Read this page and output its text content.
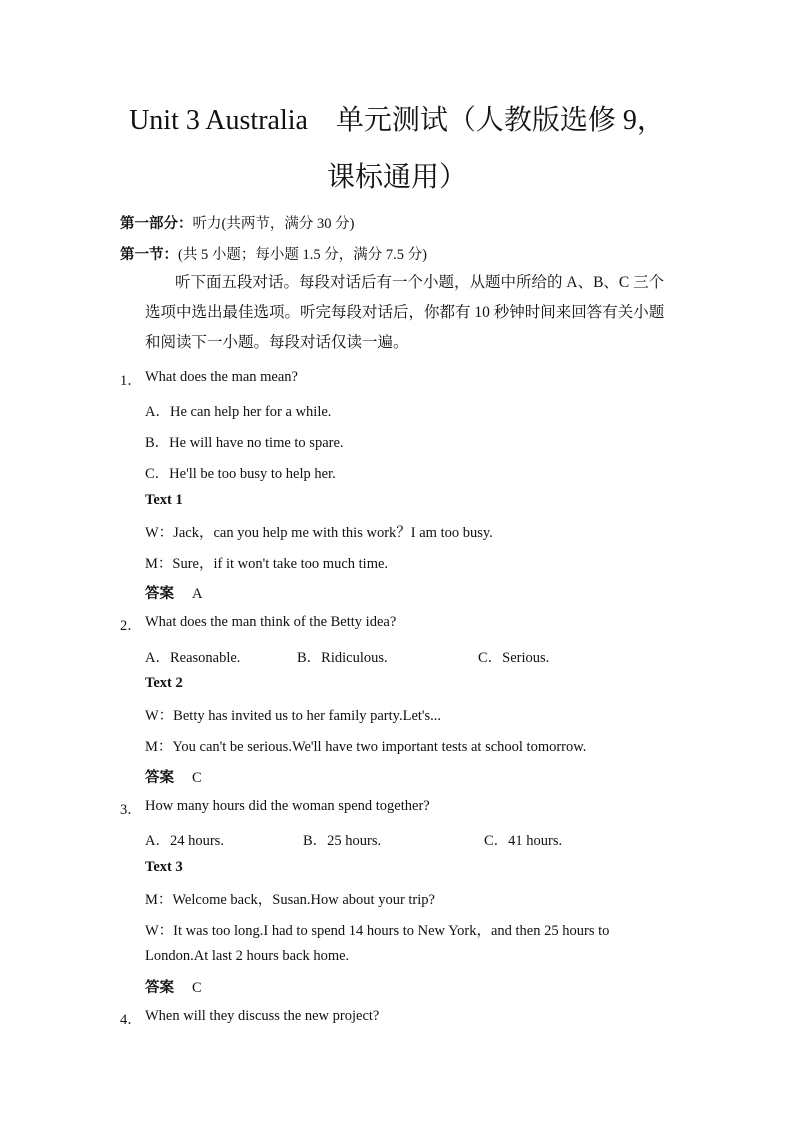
Unit 3 Australia　单元测试（人教版选修 9，
课标通用）
第一部分：听力(共两节，满分 30 分)
第一节：(共 5 小题；每小题 1.5 分，满分 7.5 分)
听下面五段对话。每段对话后有一个小题，从题中所给的 A、B、C 三个选项中选出最佳选项。听完每段对话后，你都有 10 秒钟时间来回答有关小题和阅读下一小题。每段对话仅读一遍。
1． What does the man mean?
A．He can help her for a while.
B．He will have no time to spare.
C．He'll be too busy to help her.
Text 1
W：Jack，can you help me with this work？I am too busy.
M：Sure，if it won't take too much time.
答案 A
2． What does the man think of the Betty idea?
A．Reasonable.	B．Ridiculous.	C．Serious.
Text 2
W：Betty has invited us to her family party.Let's...
M：You can't be serious.We'll have two important tests at school tomorrow.
答案 C
3． How many hours did the woman spend together?
A．24 hours.	B．25 hours.	C．41 hours.
Text 3
M：Welcome back，Susan.How about your trip?
W：It was too long.I had to spend 14 hours to New York，and then 25 hours to
London.At last 2 hours back home.
答案 C
4． When will they discuss the new project?
